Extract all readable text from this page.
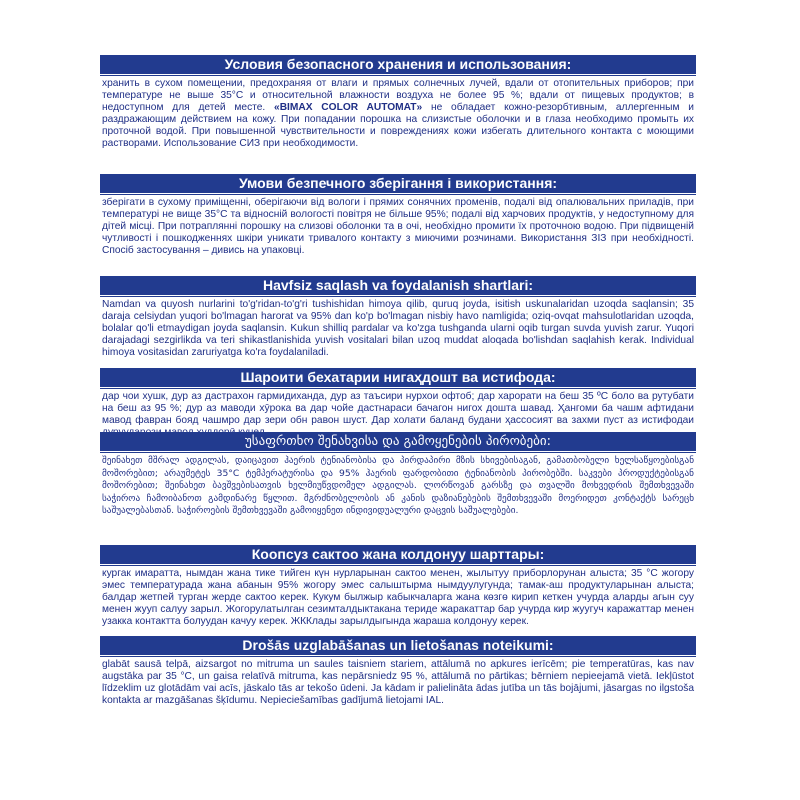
Условия безопасного хранения и использования:
хранить в сухом помещении, предохраняя от влаги и прямых солнечных лучей, вдали от отопительных приборов; при температуре не выше 35°С и относительной влажности воздуха не более 95 %; вдали от пищевых продуктов; в недоступном для детей месте. «BIMAX COLOR AUTOMAT» не обладает кожно-резорбтивным, аллергенным и раздражающим действием на кожу. При попадании порошка на слизистые оболочки и в глаза необходимо промыть их проточной водой. При повышенной чувствительности и повреждениях кожи избегать длительного контакта с моющими растворами. Использование СИЗ при необходимости.
Умови безпечного зберігання і використання:
зберігати в сухому приміщенні, оберігаючи від вологи і прямих сонячних променів, подалі від опалювальних приладів, при температурі не вище 35°С та відносній вологості повітря не більше 95%; подалі від харчових продуктів, у недоступному для дітей місці. При потраплянні порошку на слизові оболонки та в очі, необхідно промити їх проточною водою. При підвищеній чутливості і пошкодженнях шкіри уникати тривалого контакту з миючими розчинами. Використання ЗІЗ при необхідності. Спосіб застосування – дивись на упаковці.
Havfsiz saqlash va foydalanish shartlari:
Namdan va quyosh nurlarini to'g'ridan-to'g'ri tushishidan himoya qilib, quruq joyda, isitish uskunalaridan uzoqda saqlansin; 35 daraja celsiydan yuqori bo'lmagan harorat va 95% dan ko'p bo'lmagan nisbiy havo namligida; oziq-ovqat mahsulotlaridan uzoqda, bolalar qo'li etmaydigan joyda saqlansin. Kukun shilliq pardalar va ko'zga tushganda ularni oqib turgan suvda yuvish zarur. Yuqori darajadagi sezgirlikda va teri shikastlanishida yuvish vositalari bilan uzoq muddat aloqada bo'lishdan saqlahish kerak. Individual himoya vositasidan zaruriyatga ko'ra foydalaniladi.
Шароити бехатарии нигаҳдошт ва истифода:
дар чои хушк, дур аз дастрахон гармидиханда, дур аз таъсири нурхои офтоб; дар харорати на беш 35 ºС боло ва рутубати на беш аз 95 %; дур аз маводи хӯрока ва дар чойе дастнараси бачагон нигох доштa шавад. Ҳангоми ба чашм афтидани мавод фаврaн бояд чашмро дар зери обн равон шуст. Дар холати баланд будани ҳассосият ва захми пуст аз истифодаи
უსაფრთხო შენახვისა და გამოყენების პირობები:
შეინახეთ მშრალ ადგილას, დაიცავით ჰაერის ტენიანობისა და პირდაპირი მზის სხივებისაგან, გამათბობელი ხელსაწყოებისგან მოშორებით; არაუმეტეს 35°C ტემპერატურისა და 95% ჰაერის ფარდობითი ტენიანობის პირობებში. საკვები პროდუქტებისგან მოშორებით; შეინახეთ ბავშვებისათვის ხელმიუწვდომელ ადგილას. ლორწოვან გარსზე და თვალში მოხვედრის შემთხვევაში საჭიროა ჩამოიბანოთ გამდინარე წყლით. მგრძნობელობის ან კანის დაზიანებების შემთხვევაში მოერიდეთ კონტაქტს სარეცხ საშუალებასთან. საჭიროების შემთხვევაში გამოიყენეთ ინდივიდუალური დაცვის საშუალებები.
Коопсуз сактоо жана колдонуу шарттары:
кургак имаратта, нымдан жана тике тийген күн нурларынан сактоо менен, жылытуу приборлорунан алыста; 35 °С жогору эмес температурада жана абанын 95% жогору эмес салыштырма нымдуулугунда; тамак-аш продуктуларынан алыста; балдар жетпей турган жерде сактоо керек. Кукум былжыр кабыкчаларга жана көзгө кирип кеткен учурда аларды агын суу менен жууп салуу зарыл. Жогорулатылган сезимталдыктакана териде жаракаттар бар учурда кир жуугуч каражаттар менен узакка контактта болуудан качуу керек. ЖККлады зарылдыгында жараша колдонуу керек.
Drošās uzglabāšanas un lietošanas noteikumi:
glabāt sausā telpā, aizsargot no mitruma un saules taisniem stariem, attālumā no apkures ierīcēm; pie temperatūras, kas nav augstāka par 35 °C, un gaisa relatīvā mitruma, kas nepārsniedz 95 %, attālumā no pārtikas; bērniem nepieejamā vietā. Iekļūstot līdzeklim uz glotādām vai acīs, jāskalo tās ar tekošo ūdeni. Ja kādam ir palielināta ādas jutība un tās bojājumi, jāsargas no ilgstoša kontakta ar mazgāšanas šķīdumu. Nepieciešamības gadījumā lietojami IAL.
